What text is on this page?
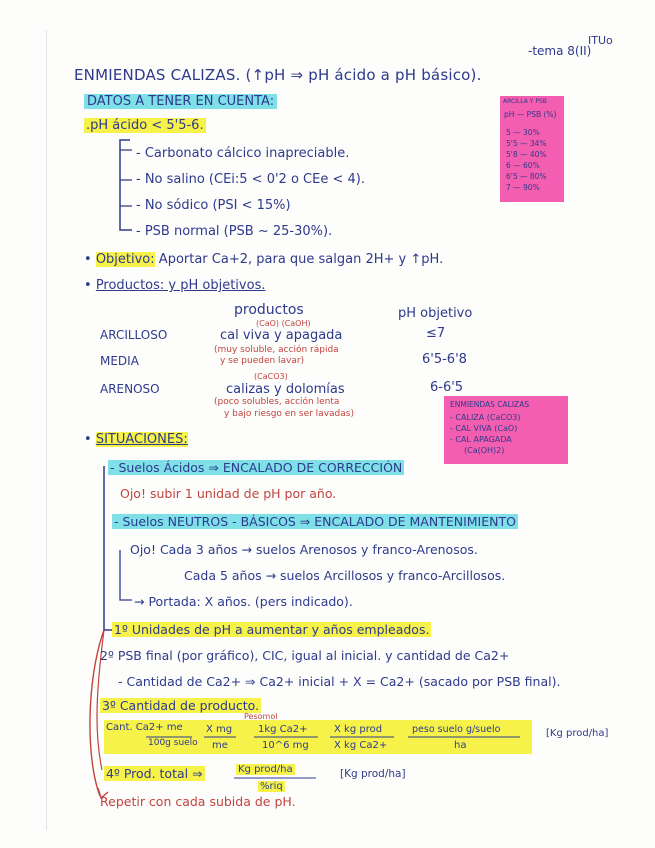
ITUo
-tema 8(II)
ENMIENDAS CALIZAS. (↑pH ⇒ pH ácido a pH básico).
DATOS A TENER EN CUENTA:	ARCILLA Y PSB
pH — PSB (%)
5 — 30%
5'5 — 34%
5'8 — 40%
6 — 60%
6'5 — 80%
7 — 90%
.pH ácido < 5'5-6.
- Carbonato cálcico inapreciable.
- No salino (CEi:5 < 0'2 o CEe < 4).
- No sódico (PSI < 15%)
- PSB normal (PSB ~ 25-30%).
• Objetivo: Aportar Ca+2, para que salgan 2H+ y ↑pH.
• Productos: y pH objetivos.
productos	pH objetivo
(CaO) (CaOH)
ARCILLOSO	cal viva y apagada	≤7
(muy soluble, acción rápida
y se pueden lavar)
MEDIA	6'5-6'8
(CaCO3)
ARENOSO	calizas y dolomías	6-6'5
(poco solubles, acción lenta
y bajo riesgo en ser lavadas)
ENMIENDAS CALIZAS
- CALIZA (CaCO3)
- CAL VIVA (CaO)
- CAL APAGADA
(Ca(OH)2)
• SITUACIONES:
- Suelos Ácidos ⇒ ENCALADO DE CORRECCIÓN
Ojo! subir 1 unidad de pH por año.
- Suelos NEUTROS - BÁSICOS ⇒ ENCALADO DE MANTENIMIENTO
Ojo! Cada 3 años → suelos Arenosos y franco-Arenosos.
Cada 5 años → suelos Arcillosos y franco-Arcillosos.
→ Portada: X años. (pers indicado).
1º Unidades de pH a aumentar y años empleados.
2º PSB final (por gráfico), CIC, igual al inicial. y cantidad de Ca2+
- Cantidad de Ca2+ ⇒ Ca2+ inicial + X = Ca2+ (sacado por PSB final).
3º Cantidad de producto.
Cant. Ca2+ me
100g suelo
X mg
me
Pesomol
1kg Ca2+
10^6 mg
X kg prod
X kg Ca2+
peso suelo g/suelo
ha
[Kg prod/ha]
4º Prod. total ⇒	Kg prod/ha
%riq
[Kg prod/ha]
Repetir con cada subida de pH.
